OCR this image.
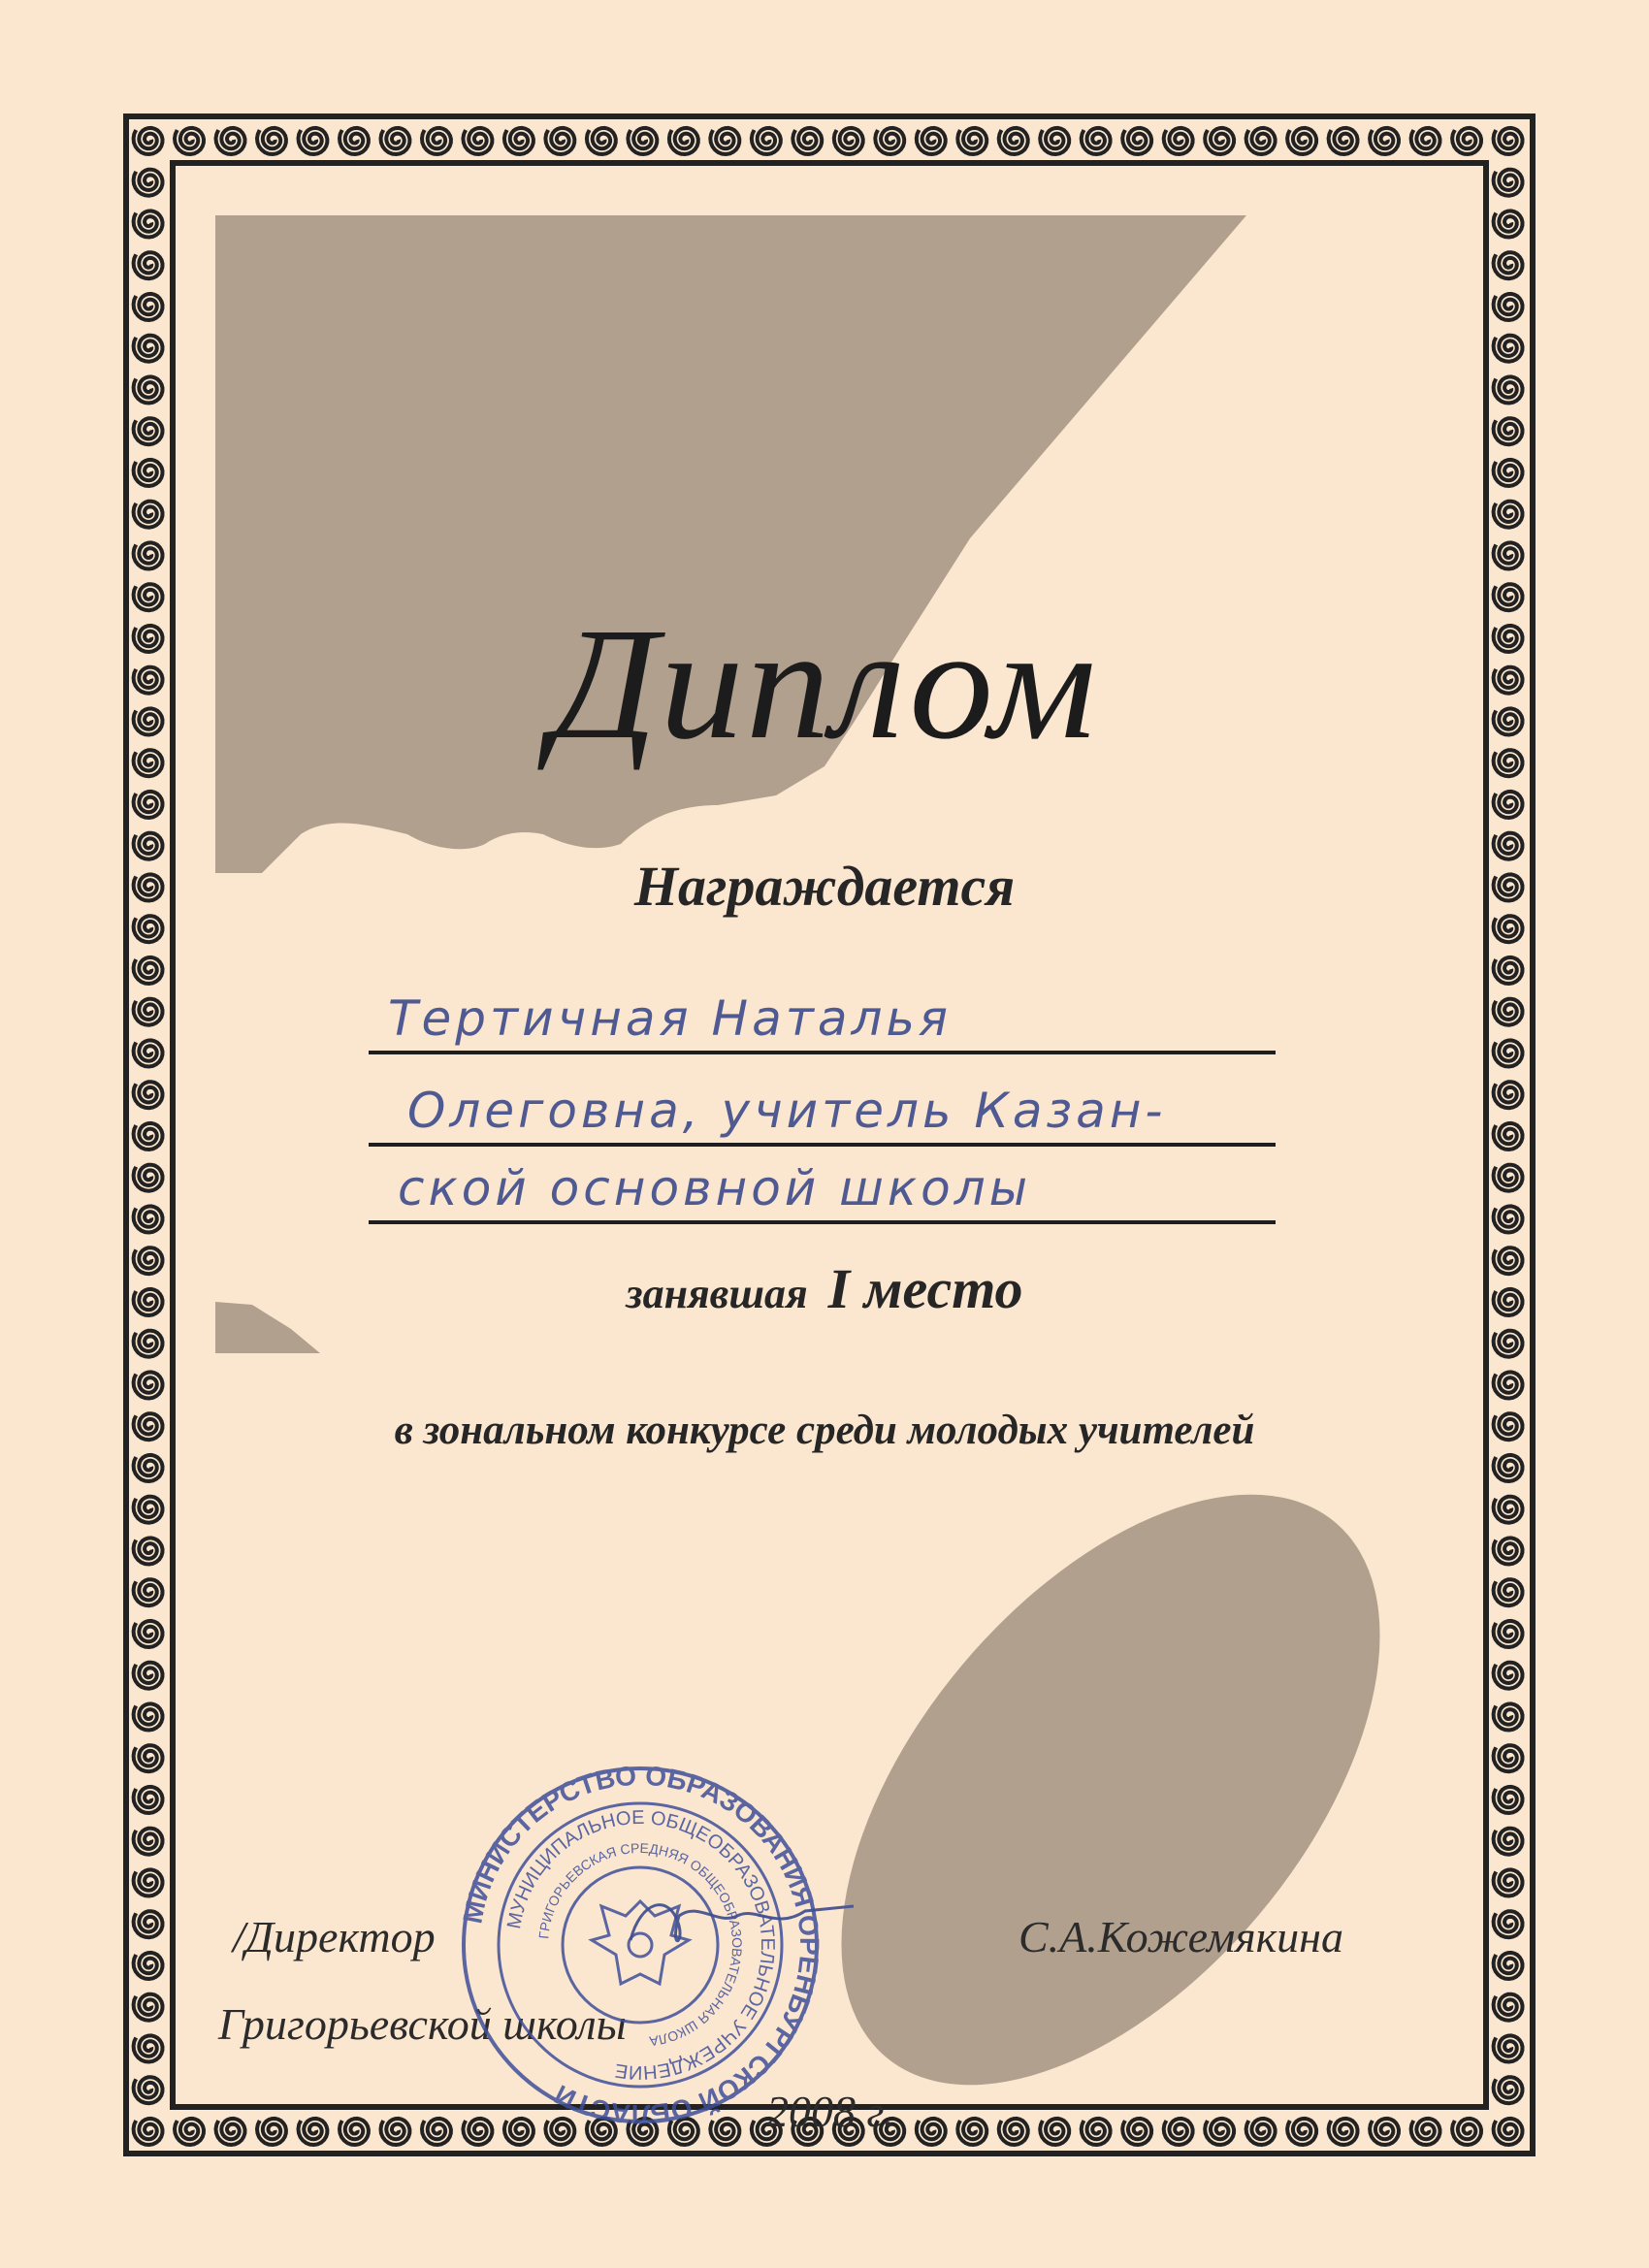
Диплом
Награждается
Тертичная Наталья
Олеговна, учитель Казан-
ской основной школы
занявшая I место
в зональном конкурсе среди молодых учителей
/Директор
Григорьевской школы
С.А.Кожемякина
2008 г.
МИНИСТЕРСТВО ОБРАЗОВАНИЯ ОРЕНБУРГСКОЙ ОБЛАСТИ
МУНИЦИПАЛЬНОЕ ОБЩЕОБРАЗОВАТЕЛЬНОЕ УЧРЕЖДЕНИЕ
ГРИГОРЬЕВСКАЯ СРЕДНЯЯ ОБЩЕОБРАЗОВАТЕЛЬНАЯ ШКОЛА
